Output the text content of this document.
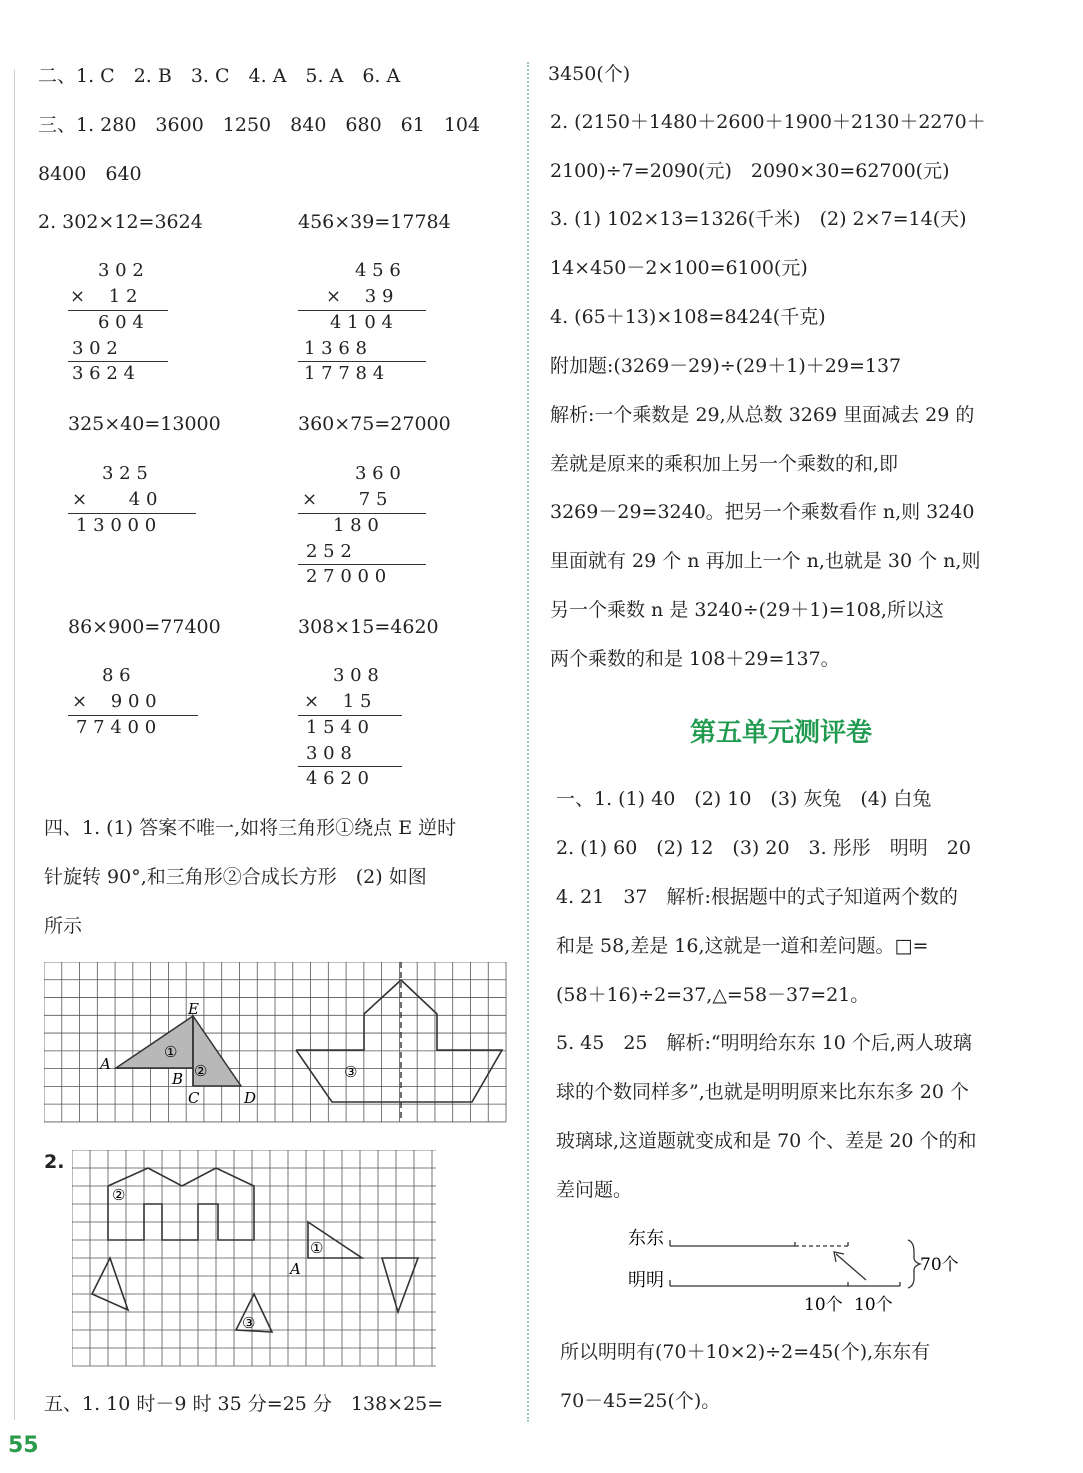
二、1. C　2. B　3. C　4. A　5. A　6. A
三、1. 280　3600　1250　840　680　61　104
8400　640
2. 302×12=3624	456×39=17784
3 0 2
× 　1 2
6 0 4
3 0 2
3 6 2 4
4 5 6
× 　3 9
4 1 0 4
1 3 6 8
1 7 7 8 4
325×40=13000	360×75=27000
3 2 5
× 　　4 0
1 3 0 0 0
3 6 0
× 　　7 5
1 8 0
2 5 2
2 7 0 0 0
86×900=77400	308×15=4620
8 6
× 　9 0 0
7 7 4 0 0
3 0 8
× 　1 5
1 5 4 0
3 0 8
4 6 2 0
四、1. (1) 答案不唯一,如将三角形①绕点 E 逆时
针旋转 90°,和三角形②合成长方形　(2) 如图
所示
E
A
B
C	D
①
②	③
2.
②
①
A
③
五、1. 10 时－9 时 35 分=25 分　138×25=
3450(个)
2. (2150＋1480＋2600＋1900＋2130＋2270＋
2100)÷7=2090(元)　2090×30=62700(元)
3. (1) 102×13=1326(千米)　(2) 2×7=14(天)
14×450－2×100=6100(元)
4. (65＋13)×108=8424(千克)
附加题:(3269－29)÷(29＋1)＋29=137
解析:一个乘数是 29,从总数 3269 里面减去 29 的
差就是原来的乘积加上另一个乘数的和,即
3269－29=3240。把另一个乘数看作 n,则 3240
里面就有 29 个 n 再加上一个 n,也就是 30 个 n,则
另一个乘数 n 是 3240÷(29＋1)=108,所以这
两个乘数的和是 108＋29=137。
第五单元测评卷
一、1. (1) 40　(2) 10　(3) 灰兔　(4) 白兔
2. (1) 60　(2) 12　(3) 20　3. 彤彤　明明　20
4. 21　37　解析:根据题中的式子知道两个数的
和是 58,差是 16,这就是一道和差问题。□=
(58＋16)÷2=37,△=58－37=21。
5. 45　25　解析:“明明给东东 10 个后,两人玻璃
球的个数同样多”,也就是明明原来比东东多 20 个
玻璃球,这道题就变成和是 70 个、差是 20 个的和
差问题。
东东
明明
70个
10个 10个
所以明明有(70＋10×2)÷2=45(个),东东有
70－45=25(个)。
55
